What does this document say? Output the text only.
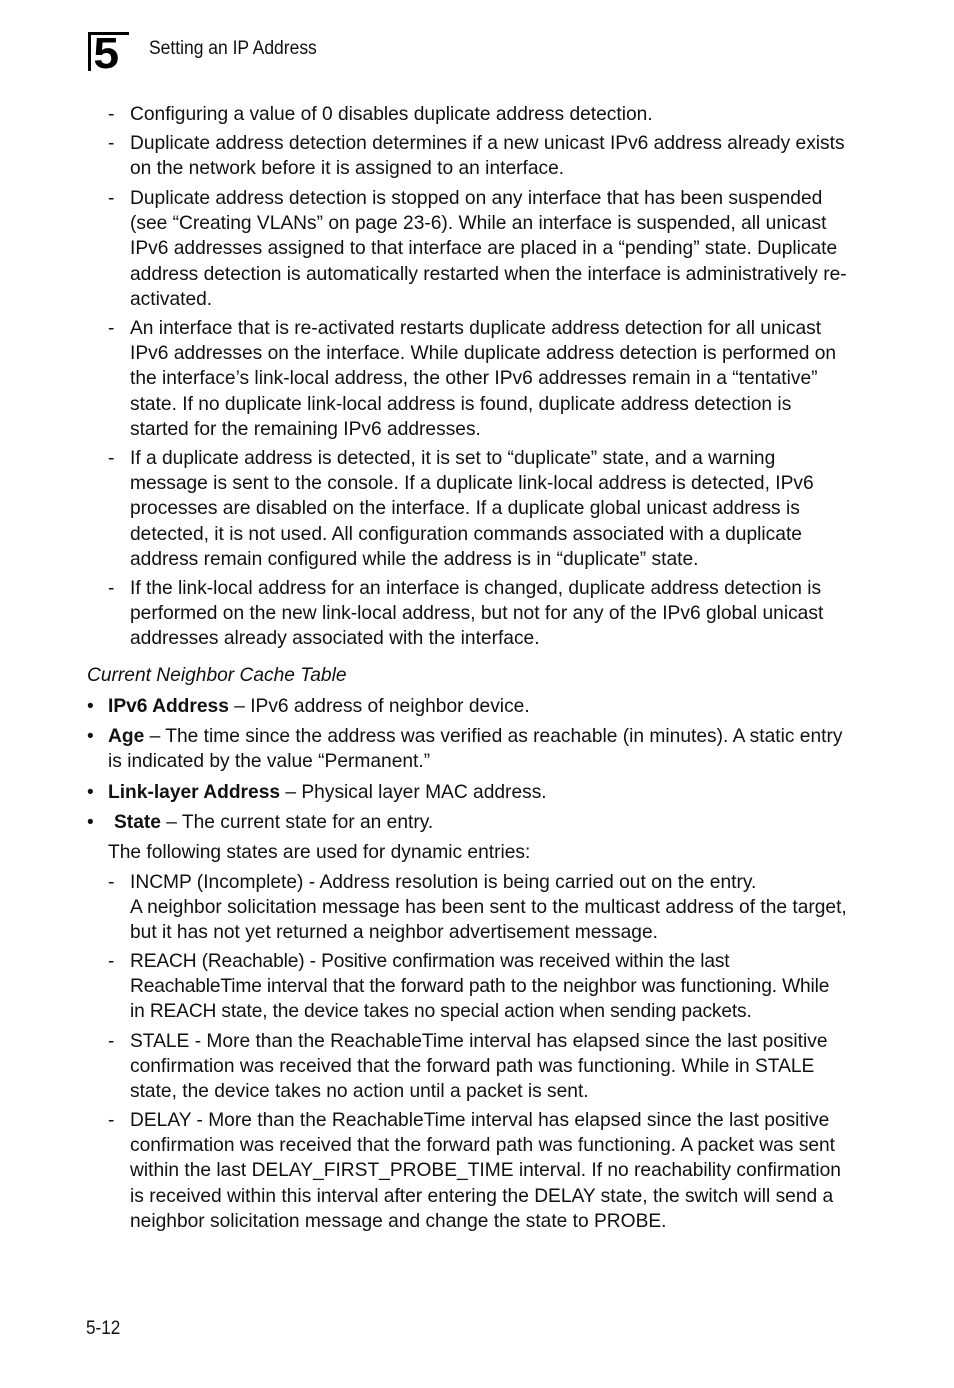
5 Setting an IP Address
- Configuring a value of 0 disables duplicate address detection.
- Duplicate address detection determines if a new unicast IPv6 address already exists on the network before it is assigned to an interface.
- Duplicate address detection is stopped on any interface that has been suspended (see “Creating VLANs” on page 23-6). While an interface is suspended, all unicast IPv6 addresses assigned to that interface are placed in a “pending” state. Duplicate address detection is automatically restarted when the interface is administratively re-activated.
- An interface that is re-activated restarts duplicate address detection for all unicast IPv6 addresses on the interface. While duplicate address detection is performed on the interface’s link-local address, the other IPv6 addresses remain in a “tentative” state. If no duplicate link-local address is found, duplicate address detection is started for the remaining IPv6 addresses.
- If a duplicate address is detected, it is set to “duplicate” state, and a warning message is sent to the console. If a duplicate link-local address is detected, IPv6 processes are disabled on the interface. If a duplicate global unicast address is detected, it is not used. All configuration commands associated with a duplicate address remain configured while the address is in “duplicate” state.
- If the link-local address for an interface is changed, duplicate address detection is performed on the new link-local address, but not for any of the IPv6 global unicast addresses already associated with the interface.
Current Neighbor Cache Table
• IPv6 Address – IPv6 address of neighbor device.
• Age – The time since the address was verified as reachable (in minutes). A static entry is indicated by the value “Permanent.”
• Link-layer Address – Physical layer MAC address.
• State – The current state for an entry.
The following states are used for dynamic entries:
- INCMP (Incomplete) - Address resolution is being carried out on the entry.
A neighbor solicitation message has been sent to the multicast address of the target, but it has not yet returned a neighbor advertisement message.
- REACH (Reachable) - Positive confirmation was received within the last ReachableTime interval that the forward path to the neighbor was functioning. While in REACH state, the device takes no special action when sending packets.
- STALE - More than the ReachableTime interval has elapsed since the last positive confirmation was received that the forward path was functioning. While in STALE state, the device takes no action until a packet is sent.
- DELAY - More than the ReachableTime interval has elapsed since the last positive confirmation was received that the forward path was functioning. A packet was sent within the last DELAY_FIRST_PROBE_TIME interval. If no reachability confirmation is received within this interval after entering the DELAY state, the switch will send a neighbor solicitation message and change the state to PROBE.
5-12
